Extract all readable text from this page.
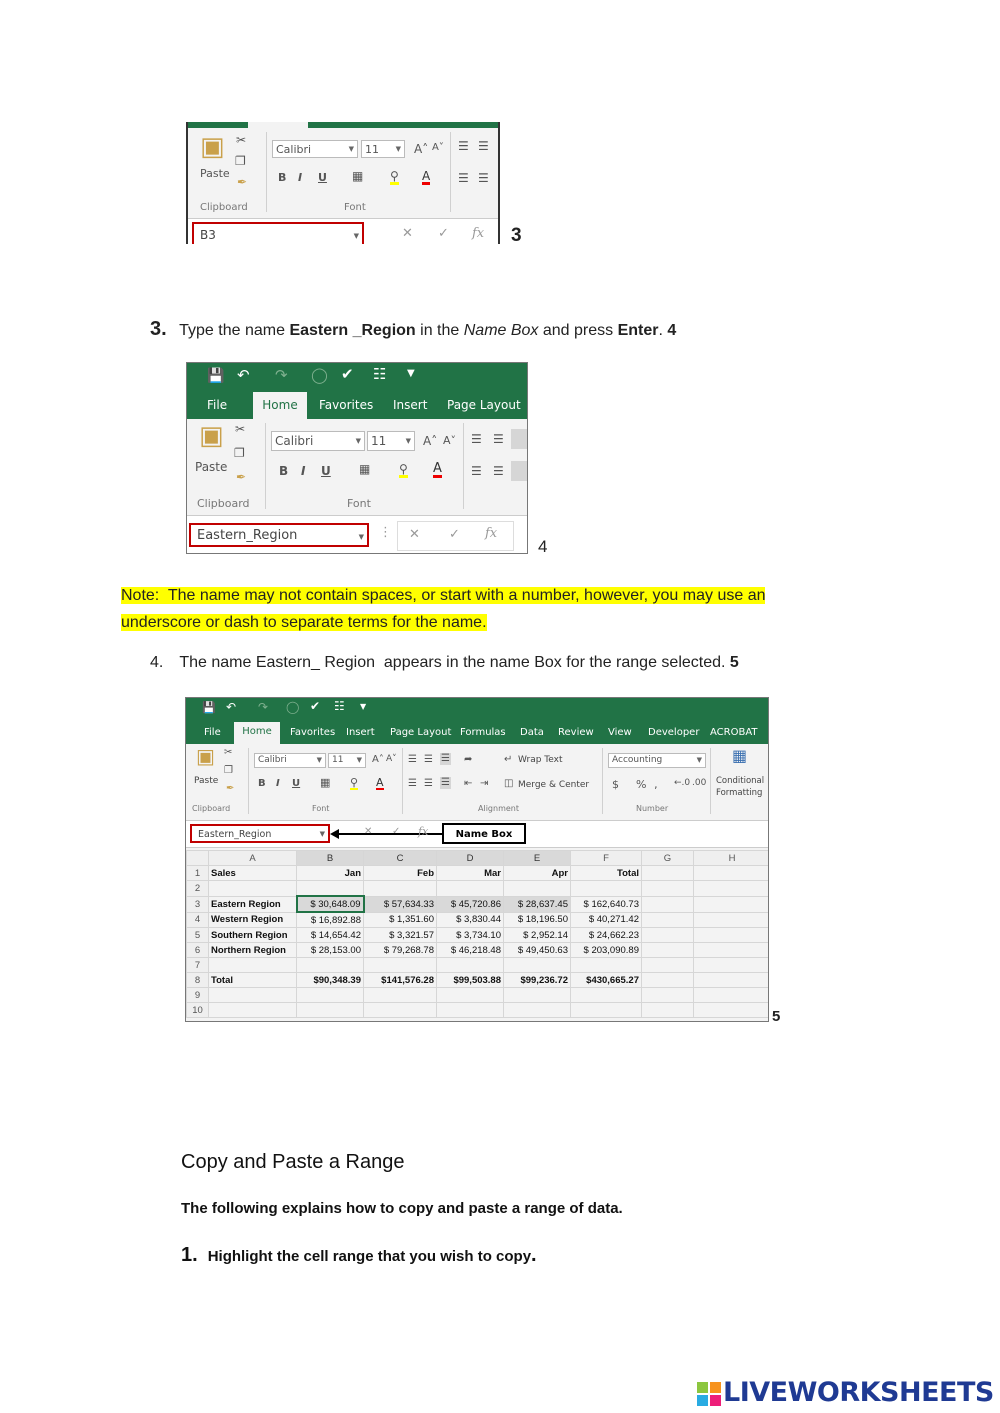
▣ ✂
❐
✒
Paste
Clipboard
Calibri	▼	11 ▼ A˄ A˅
B I U ▦ ⚲ A
Font
☰ ☰
☰ ☰
B3	▼	✕ ✓ fx 3
3. Type the name Eastern _Region in the Name Box and press Enter. 4
💾 ↶ ↷ ◯ ✔ ☷ ▼
File	Home	Favorites Insert Page Layout
▣ ✂
❐
✒
Paste
Clipboard
Calibri	▼ 11	▼ A˄ A˅
B I U ▦ ⚲ A
Font
☰ ☰
☰ ☰
Eastern_Region	▼ ⋮ ✕ ✓ fx
4
Note:  The name may not contain spaces, or start with a number, however, you may use an
underscore or dash to separate terms for the name.
4. The name Eastern_ Region  appears in the name Box for the range selected. 5
💾 ↶ ↷ ◯ ✔ ☷ ▼
File	Home	Favorites Insert Page Layout Formulas Data Review View Developer ACROBAT
▣ ✂
❐
✒
Paste
Clipboard
Calibri	▼	11 ▼ A˄ A˅
B I U ▦ ⚲ A
Font
☰ ☰ ☰ ➦
☰ ☰ ☰ ⇤ ⇥
↵ Wrap Text
◫ Merge & Center
Alignment
Accounting	▼
$ % ‚ ←.0 .00
Number
▦
Conditional
Formatting
Eastern_Region	▼	✕ ✓ fx	Name Box
	A	B	C	D	E	F	G	H	
1	Sales	Jan	Feb	Mar	Apr	Total			
2									
3	Eastern Region	$ 30,648.09	$ 57,634.33	$ 45,720.86	$ 28,637.45	$ 162,640.73			
4	Western Region	$ 16,892.88	$ 1,351.60	$ 3,830.44	$ 18,196.50	$ 40,271.42			
5	Southern Region	$ 14,654.42	$ 3,321.57	$ 3,734.10	$ 2,952.14	$ 24,662.23			
6	Northern Region	$ 28,153.00	$ 79,268.78	$ 46,218.48	$ 49,450.63	$ 203,090.89			
7									
8	Total	$90,348.39	$141,576.28	$99,503.88	$99,236.72	$430,665.27			
9									
10										5
Copy and Paste a Range
The following explains how to copy and paste a range of data.
1. Highlight the cell range that you wish to copy.
LIVEWORKSHEETS
